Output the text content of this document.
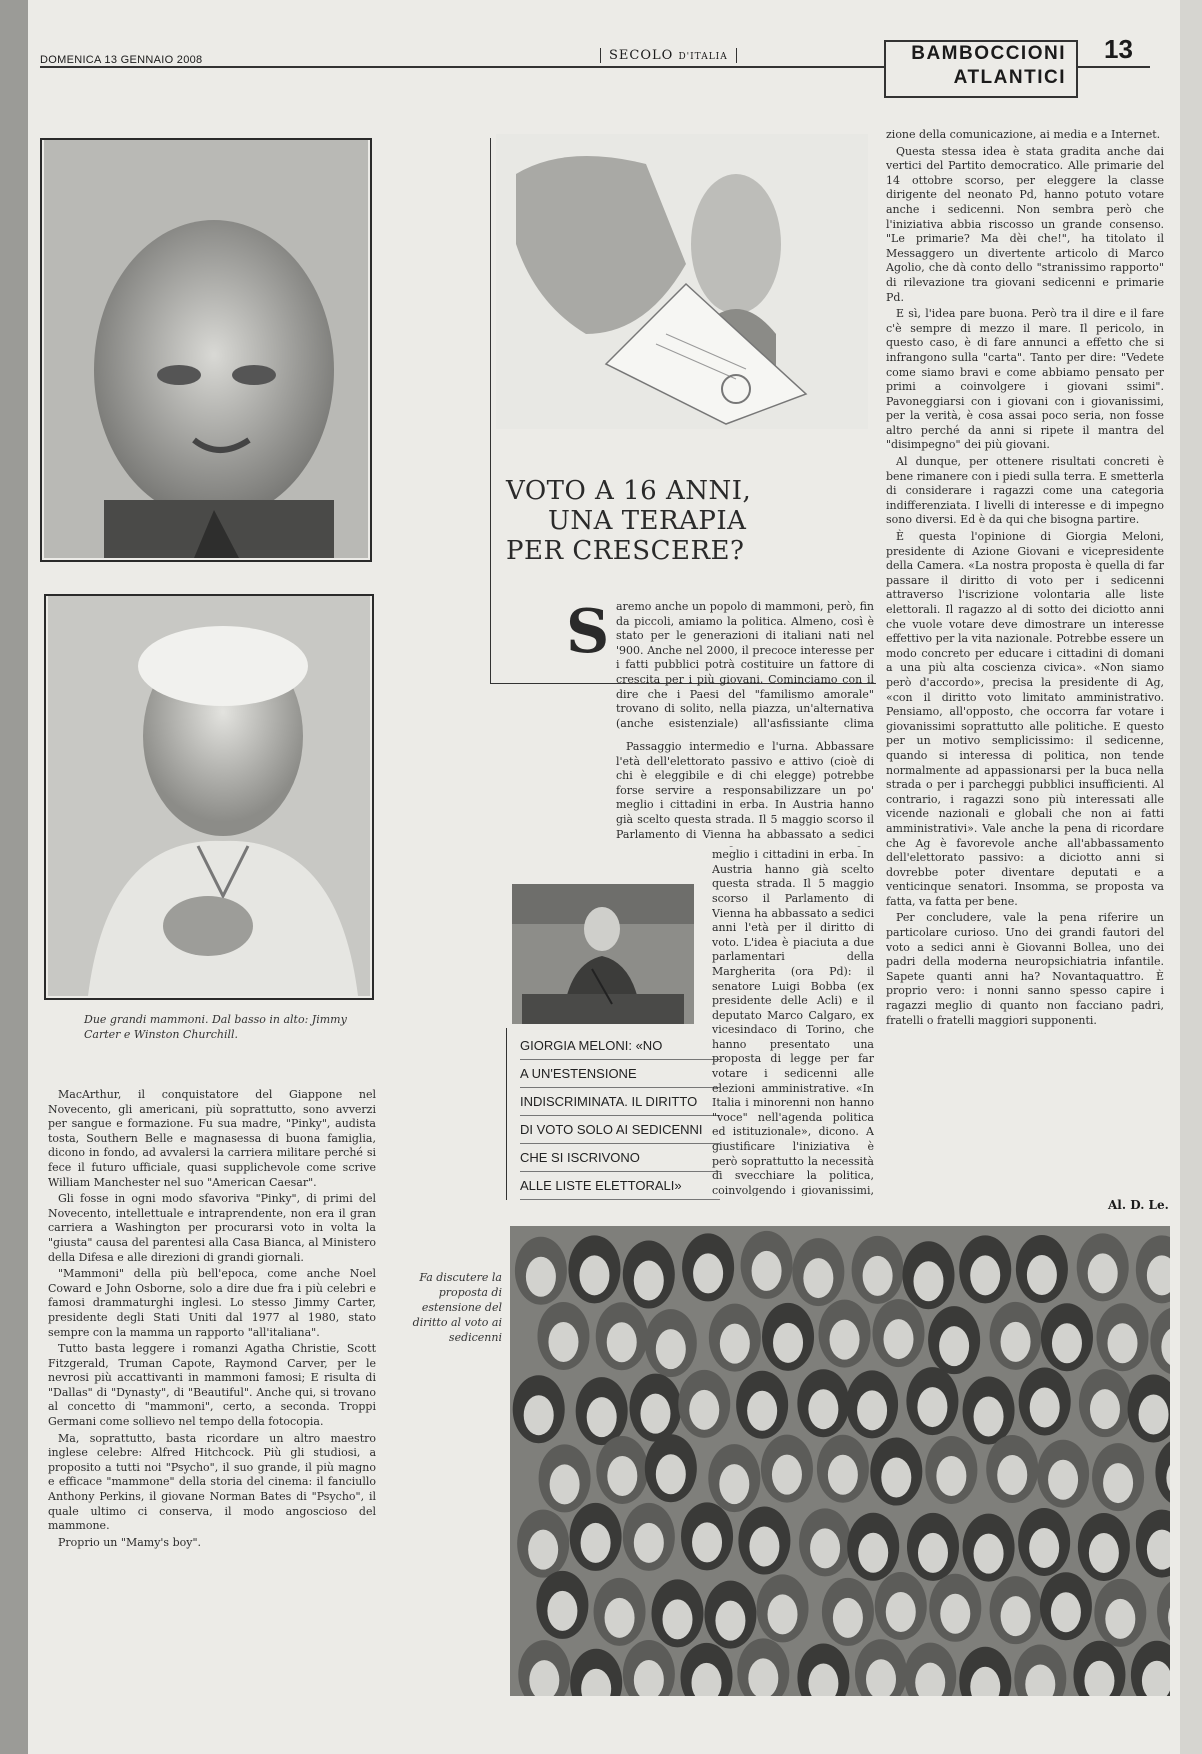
DOMENICA 13 GENNAIO 2008	SECOLO D'ITALIA	BAMBOCCIONI
ATLANTICI
13
Due grandi mammoni. Dal basso in alto: Jimmy Carter e Winston Churchill.

MacArthur, il conquistatore del Giappone nel Novecento, gli americani, più soprattutto, sono avverzi per sangue e formazione. Fu sua madre, "Pinky", audista tosta, Southern Belle e magnasessa di buona famiglia, dicono in fondo, ad avvalersi la carriera militare perché si fece il futuro ufficiale, quasi supplichevole come scrive William Manchester nel suo "American Caesar".

Gli fosse in ogni modo sfavoriva "Pinky", di primi del Novecento, intellettuale e intraprendente, non era il gran carriera a Washington per procurarsi voto in volta la "giusta" causa del parentesi alla Casa Bianca, al Ministero della Difesa e alle direzioni di grandi giornali.

"Mammoni" della più bell'epoca, come anche Noel Coward e John Osborne, solo a dire due fra i più celebri e famosi drammaturghi inglesi. Lo stesso Jimmy Carter, presidente degli Stati Uniti dal 1977 al 1980, stato sempre con la mamma un rapporto "all'italiana".

Tutto basta leggere i romanzi Agatha Christie, Scott Fitzgerald, Truman Capote, Raymond Carver, per le nevrosi più accattivanti in mammoni famosi; E risulta di "Dallas" di "Dynasty", di "Beautiful". Anche qui, si trovano al concetto di "mammoni", certo, a seconda. Troppi Germani come sollievo nel tempo della fotocopia.

Ma, soprattutto, basta ricordare un altro maestro inglese celebre: Alfred Hitchcock. Più gli studiosi, a proposito a tutti noi "Psycho", il suo grande, il più magno e efficace "mammone" della storia del cinema: il fanciullo Anthony Perkins, il giovane Norman Bates di "Psycho", il quale ultimo ci conserva, il modo angoscioso del mammone.

Proprio un "Mamy's boy".

VOTO A 16 ANNI,
UNA TERAPIA
PER CRESCERE?
S aremo anche un popolo di mammoni, però, fin da piccoli, amiamo la politica. Almeno, così è stato per le generazioni di italiani nati nel '900. Anche nel 2000, il precoce interesse per i fatti pubblici potrà costituire un fattore di crescita per i più giovani. Cominciamo con il dire che i Paesi del "familismo amorale" trovano di solito, nella piazza, un'alternativa (anche esistenziale) all'asfissiante clima

Passaggio intermedio e l'urna. Abbassare l'età dell'elettorato passivo e attivo (cioè di chi è eleggibile e di chi elegge) potrebbe forse servire a responsabilizzare un po' meglio i cittadini in erba. In Austria hanno già scelto questa strada. Il 5 maggio scorso il Parlamento di Vienna ha abbassato a sedici

GIORGIA MELONI: «NO
A UN'ESTENSIONE
INDISCRIMINATA. IL DIRITTO
DI VOTO SOLO AI SEDICENNI
CHE SI ISCRIVONO
ALLE LISTE ELETTORALI»

meglio i cittadini in erba. In Austria hanno già scelto questa strada. Il 5 maggio scorso il Parlamento di Vienna ha abbassato a sedici anni l'età per il diritto di voto. L'idea è piaciuta a due parlamentari della Margherita (ora Pd): il senatore Luigi Bobba (ex presidente delle Acli) e il deputato Marco Calgaro, ex vicesindaco di Torino, che hanno presentato una proposta di legge per far votare i sedicenni alle elezioni amministrative. «In Italia i minorenni non hanno "voce" nell'agenda politica ed istituzionale», dicono. A giustificare l'iniziativa è però soprattutto la necessità di svecchiare la politica, coinvolgendo i giovanissimi,

zione della comunicazione, ai media e a Internet.

Questa stessa idea è stata gradita anche dai vertici del Partito democratico. Alle primarie del 14 ottobre scorso, per eleggere la classe dirigente del neonato Pd, hanno potuto votare anche i sedicenni. Non sembra però che l'iniziativa abbia riscosso un grande consenso. "Le primarie? Ma dèi che!", ha titolato il Messaggero un divertente articolo di Marco Agolio, che dà conto dello "stranissimo rapporto" di rilevazione tra giovani sedicenni e primarie Pd.

E sì, l'idea pare buona. Però tra il dire e il fare c'è sempre di mezzo il mare. Il pericolo, in questo caso, è di fare annunci a effetto che si infrangono sulla "carta". Tanto per dire: "Vedete come siamo bravi e come abbiamo pensato per primi a coinvolgere i giovani ssimi". Pavoneggiarsi con i giovani con i giovanissimi, per la verità, è cosa assai poco seria, non fosse altro perché da anni si ripete il mantra del "disimpegno" dei più giovani.

Al dunque, per ottenere risultati concreti è bene rimanere con i piedi sulla terra. E smetterla di considerare i ragazzi come una categoria indifferenziata. I livelli di interesse e di impegno sono diversi. Ed è da qui che bisogna partire.

È questa l'opinione di Giorgia Meloni, presidente di Azione Giovani e vicepresidente della Camera. «La nostra proposta è quella di far passare il diritto di voto per i sedicenni attraverso l'iscrizione volontaria alle liste elettorali. Il ragazzo al di sotto dei diciotto anni che vuole votare deve dimostrare un interesse effettivo per la vita nazionale. Potrebbe essere un modo concreto per educare i cittadini di domani a una più alta coscienza civica». «Non siamo però d'accordo», precisa la presidente di Ag, «con il diritto voto limitato amministrativo. Pensiamo, all'opposto, che occorra far votare i giovanissimi soprattutto alle politiche. E questo per un motivo semplicissimo: il sedicenne, quando si interessa di politica, non tende normalmente ad appassionarsi per la buca nella strada o per i parcheggi pubblici insufficienti. Al contrario, i ragazzi sono più interessati alle vicende nazionali e globali che non ai fatti amministrativi». Vale anche la pena di ricordare che Ag è favorevole anche all'abbassamento dell'elettorato passivo: a diciotto anni si dovrebbe poter diventare deputati e a venticinque senatori. Insomma, se proposta va fatta, va fatta per bene.

Per concludere, vale la pena riferire un particolare curioso. Uno dei grandi fautori del voto a sedici anni è Giovanni Bollea, uno dei padri della moderna neuropsichiatria infantile. Sapete quanti anni ha? Novantaquattro. È proprio vero: i nonni sanno spesso capire i ragazzi meglio di quanto non facciano padri, fratelli o fratelli maggiori supponenti.

Al. D. Le.
Fa discutere la proposta di estensione del diritto al voto ai sedicenni
